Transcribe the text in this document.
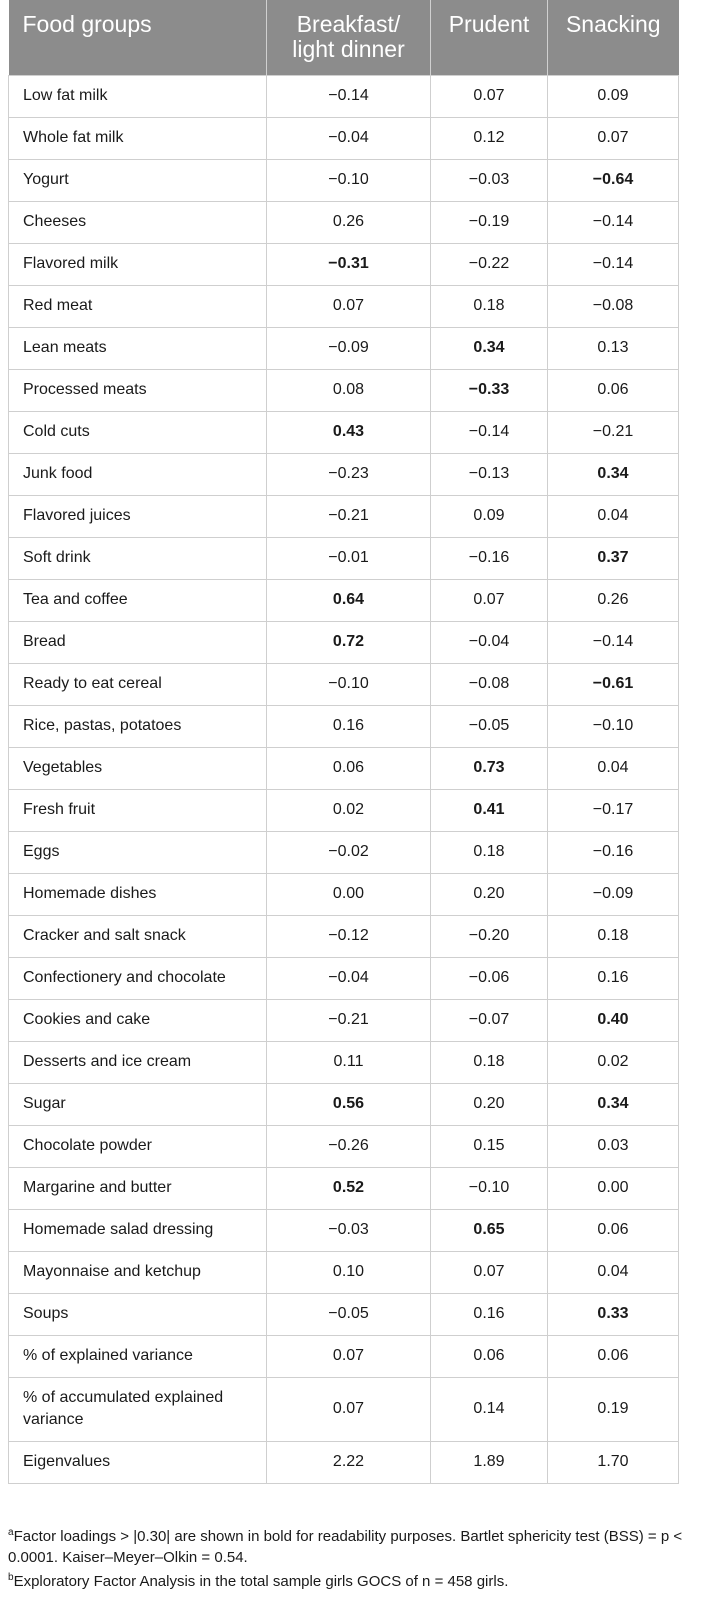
Food groups	Breakfast/ light dinner	Prudent	Snacking
Low fat milk	−0.14	0.07	0.09
Whole fat milk	−0.04	0.12	0.07
Yogurt	−0.10	−0.03	−0.64
Cheeses	0.26	−0.19	−0.14
Flavored milk	−0.31	−0.22	−0.14
Red meat	0.07	0.18	−0.08
Lean meats	−0.09	0.34	0.13
Processed meats	0.08	−0.33	0.06
Cold cuts	0.43	−0.14	−0.21
Junk food	−0.23	−0.13	0.34
Flavored juices	−0.21	0.09	0.04
Soft drink	−0.01	−0.16	0.37
Tea and coffee	0.64	0.07	0.26
Bread	0.72	−0.04	−0.14
Ready to eat cereal	−0.10	−0.08	−0.61
Rice, pastas, potatoes	0.16	−0.05	−0.10
Vegetables	0.06	0.73	0.04
Fresh fruit	0.02	0.41	−0.17
Eggs	−0.02	0.18	−0.16
Homemade dishes	0.00	0.20	−0.09
Cracker and salt snack	−0.12	−0.20	0.18
Confectionery and chocolate	−0.04	−0.06	0.16
Cookies and cake	−0.21	−0.07	0.40
Desserts and ice cream	0.11	0.18	0.02
Sugar	0.56	0.20	0.34
Chocolate powder	−0.26	0.15	0.03
Margarine and butter	0.52	−0.10	0.00
Homemade salad dressing	−0.03	0.65	0.06
Mayonnaise and ketchup	0.10	0.07	0.04
Soups	−0.05	0.16	0.33
% of explained variance	0.07	0.06	0.06
% of accumulated explained variance	0.07	0.14	0.19
Eigenvalues	2.22	1.89	1.70

$^a$Factor loadings > |0.30| are shown in bold for readability purposes. Bartlet sphericity test (BSS) = p < 0.0001. Kaiser–Meyer–Olkin = 0.54.

$^b$Exploratory Factor Analysis in the total sample girls GOCS of n = 458 girls.
